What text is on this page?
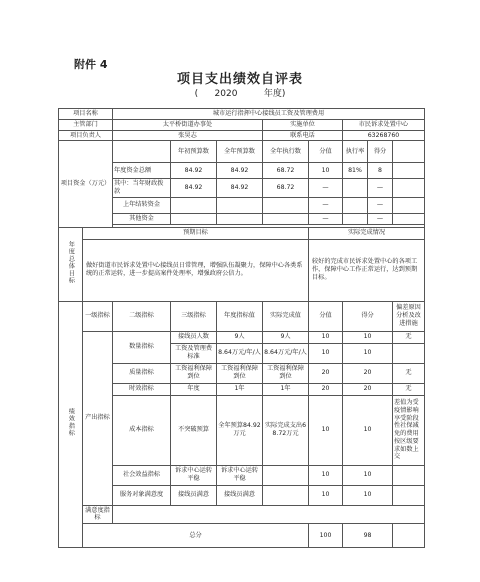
附件 4
项目支出绩效自评表
( 2020	年度)
项目名称		城市运行指挥中心接线员工资及管理费用							
主管部门		太平桥街道办事处			实施单位		市民诉求处置中心		
项目负责人		张昊志			联系电话		63268760		
项目资金（万元）			年初预算数	全年预算数	全年执行数	分值	执行率	得分	
		年度资金总额	84.92	84.92	68.72	10	81%	8	
		其中：当年财政拨款	84.92	84.92	68.72	—		—	
		上年结转资金				—		—	
		其他资金				—		—	

年度总体目标	预期目标					实际完成情况			
	做好街道市民诉求处置中心接线员日常管理，增强队伍凝聚力，保障中心各类系统的正常运转，进一步提高案件处理率，增强政府公信力。					较好的完成市民诉求处置中心的各项工作，保障中心工作正常运行，达到预期目标。			
绩效指标	一级指标	二级指标	三级指标	年度指标值	实际完成值	分值	得分		偏差原因分析及改进措施
	产出指标	数量指标	接线员人数	9人	9人	10	10		无
			工资及管理费标准	8.64万元/年/人	8.64万元/年/人	10	10		
		质量指标	工资福利保障到位	工资福利保障到位	工资福利保障到位	20	20		无
		时效指标	年度	1年	1年	20	20		无
		成本指标	不突破预算	全年预算84.92万元	实际完成支出68.72万元	10	10		差值为受疫情影响享受阶段性社保减免的费用按区级要求如数上交
		社会效益指标	诉求中心运转平稳	诉求中心运转平稳		10	10		
		服务对象满意度	接线员满意	接线员满意		10	10		
	满意度指标								
	总分					100	98		
